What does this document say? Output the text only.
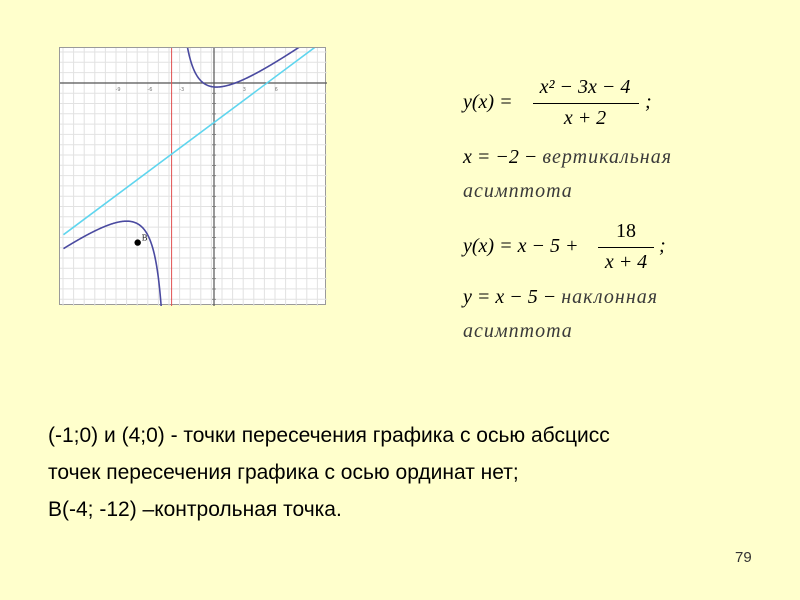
-9	-6	-3	3	6
B
y(x) =
x² − 3x − 4
x + 2
;
x = −2 − вертикальная
асимптота
y(x) = x − 5 +
18
x + 4
;
y = x − 5 − наклонная
асимптота
(-1;0) и (4;0) - точки пересечения графика с осью абсцисс
точек пересечения графика с осью ординат нет;
B(-4; -12) –контрольная точка.
79
